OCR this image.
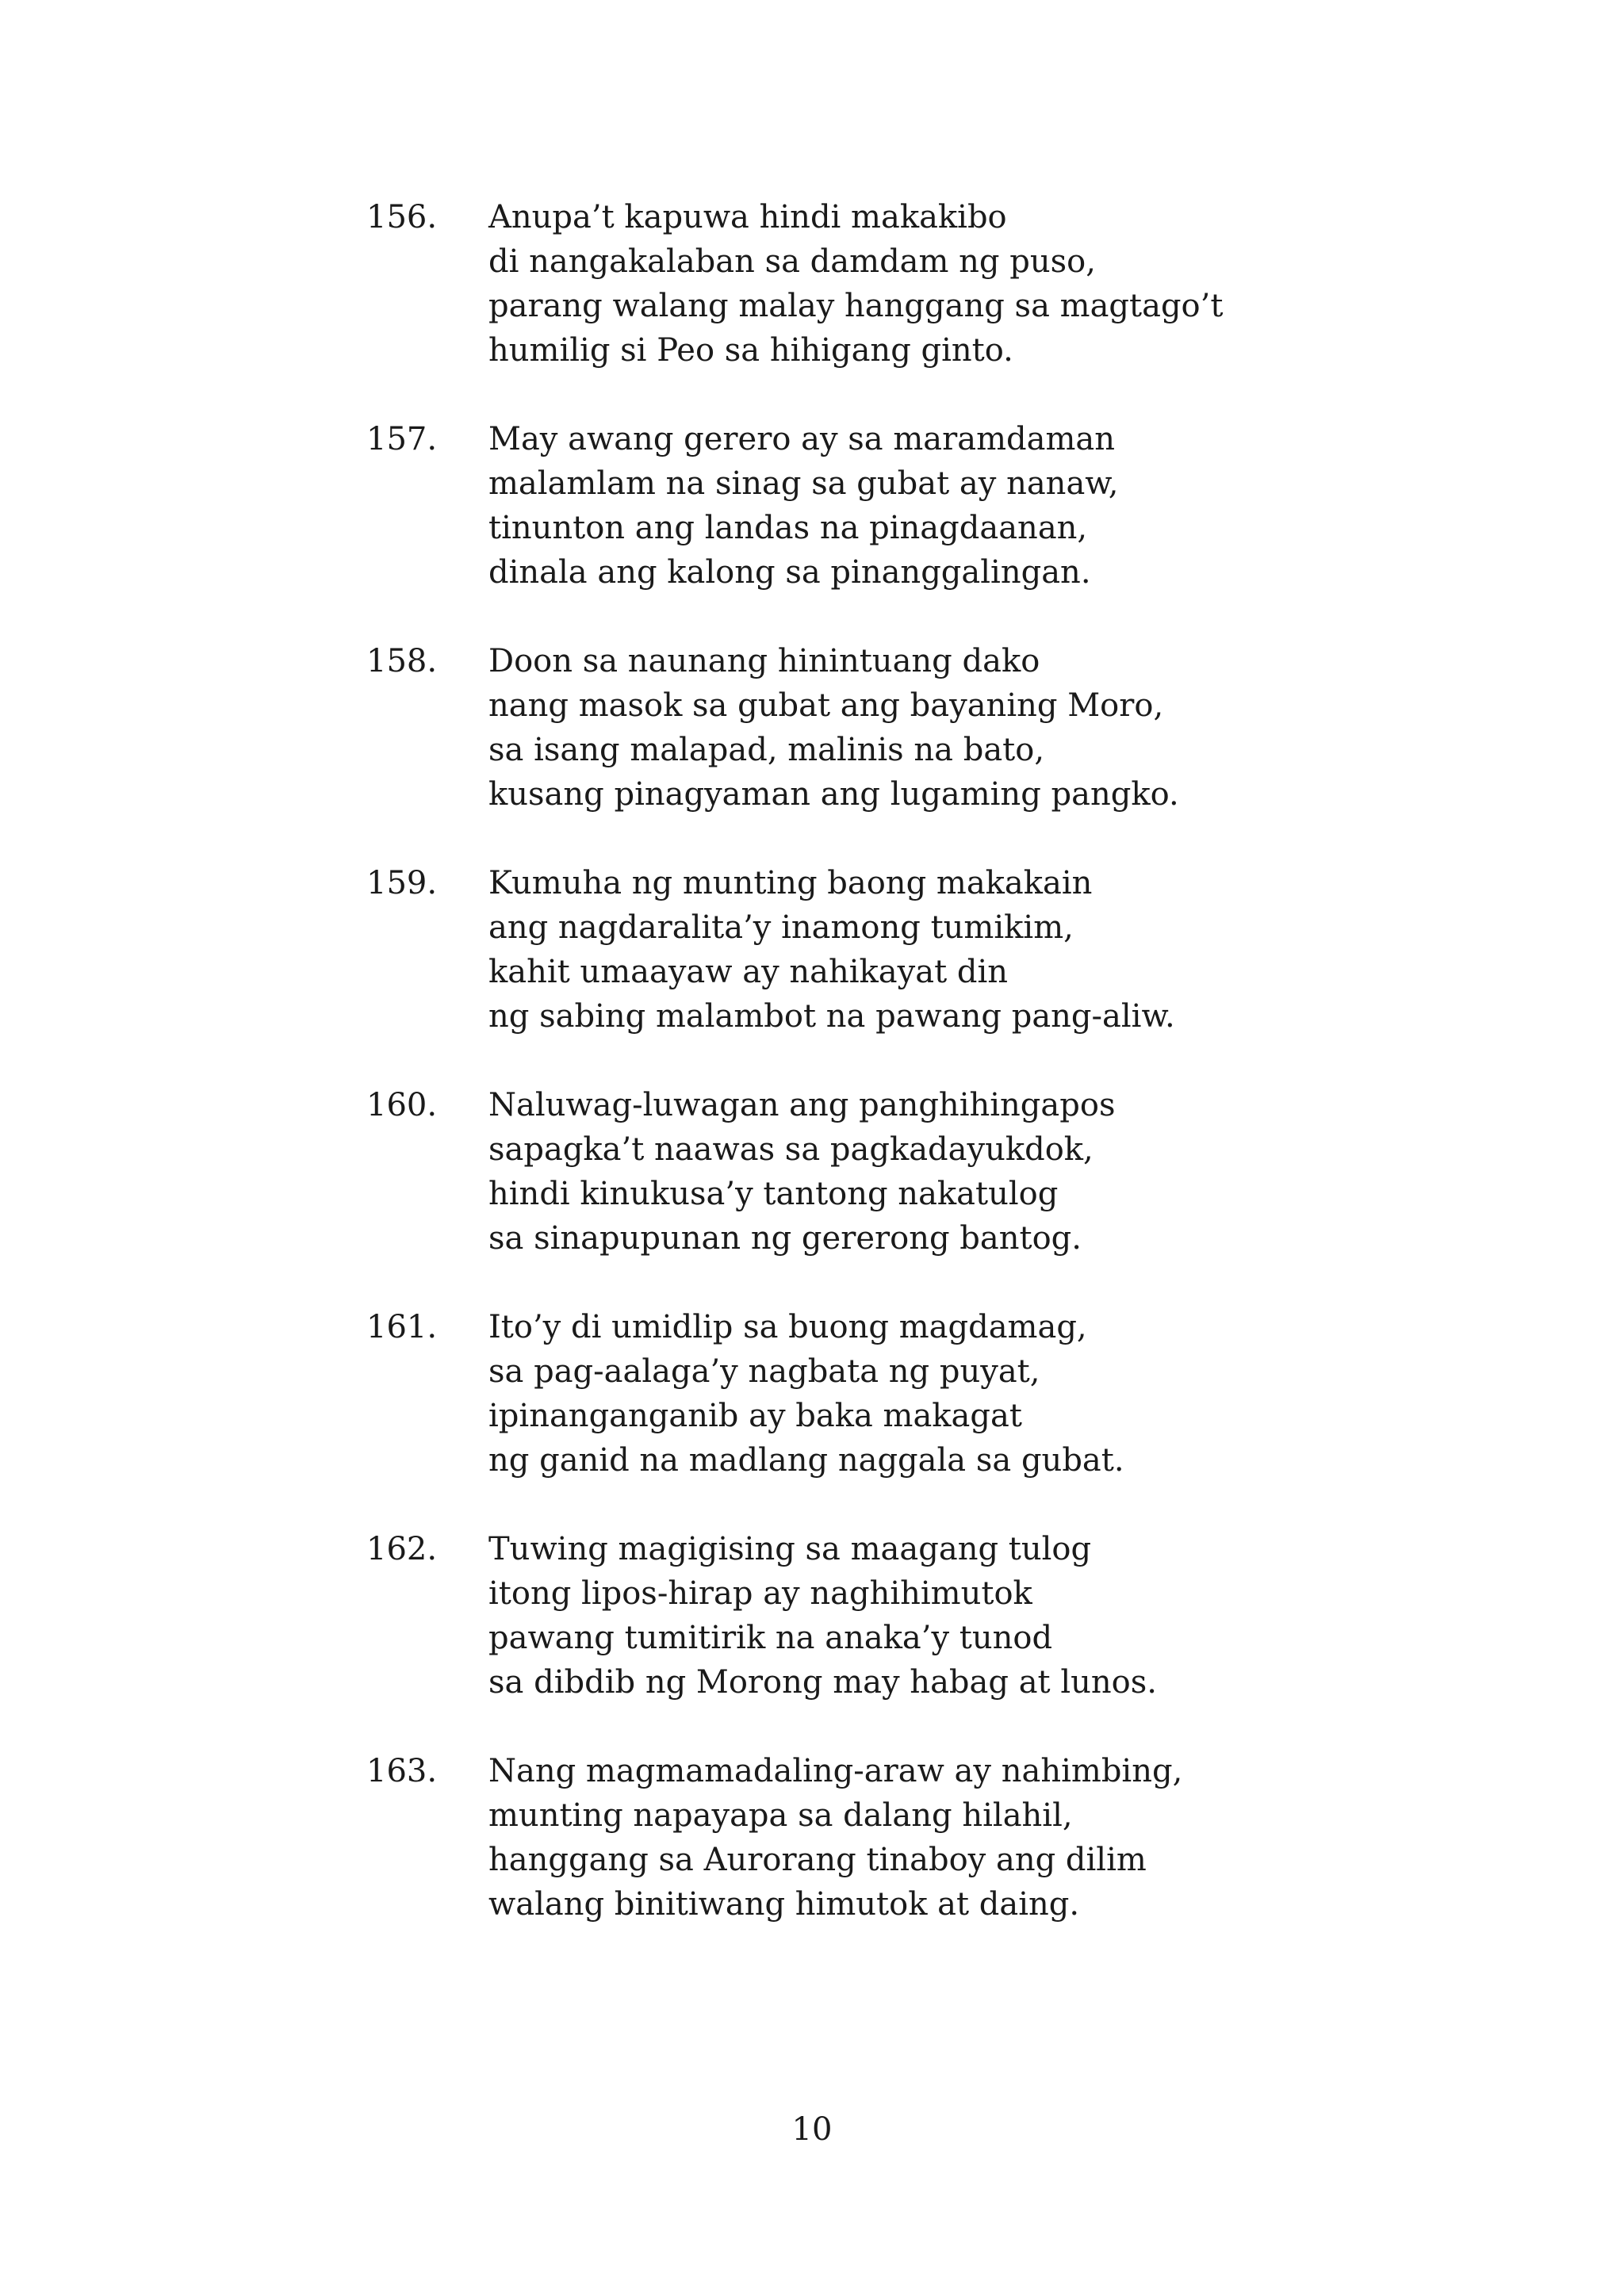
156. Anupa’t kapuwa hindi makakibo
di nangakalaban sa damdam ng puso,
parang walang malay hanggang sa magtago’t
humilig si Peo sa hihigang ginto.
157. May awang gerero ay sa maramdaman
malamlam na sinag sa gubat ay nanaw,
tinunton ang landas na pinagdaanan,
dinala ang kalong sa pinanggalingan.
158. Doon sa naunang hinintuang dako
nang masok sa gubat ang bayaning Moro,
sa isang malapad, malinis na bato,
kusang pinagyaman ang lugaming pangko.
159. Kumuha ng munting baong makakain
ang nagdaralita’y inamong tumikim,
kahit umaayaw ay nahikayat din
ng sabing malambot na pawang pang-aliw.
160. Naluwag-luwagan ang panghihingapos
sapagka’t naawas sa pagkadayukdok,
hindi kinukusa’y tantong nakatulog
sa sinapupunan ng gererong bantog.
161. Ito’y di umidlip sa buong magdamag,
sa pag-aalaga’y nagbata ng puyat,
ipinanganganib ay baka makagat
ng ganid na madlang naggala sa gubat.
162. Tuwing magigising sa maagang tulog
itong lipos-hirap ay naghihimutok
pawang tumitirik na anaka’y tunod
sa dibdib ng Morong may habag at lunos.
163. Nang magmamadaling-araw ay nahimbing,
munting napayapa sa dalang hilahil,
hanggang sa Aurorang tinaboy ang dilim
walang binitiwang himutok at daing.
10
